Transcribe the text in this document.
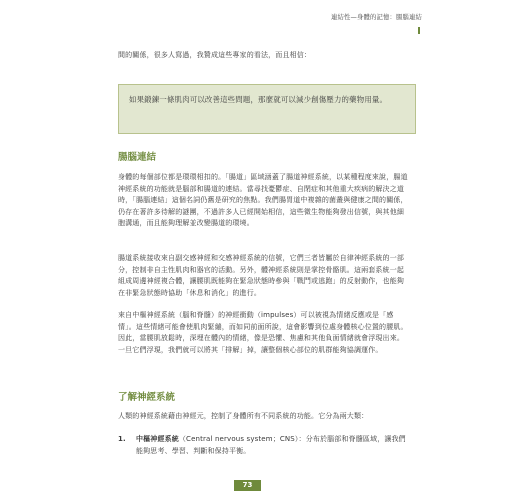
連結性—身體的記憶：腸腦連結

間的關係，很多人寫過，我贊成這些專家的看法，而且相信：

如果鍛鍊一條肌肉可以改善這些問題，那麼就可以減少創傷壓力的藥物用量。

腸腦連結

身體的每個部位都是環環相扣的。「腸道」區域涵蓋了腸道神經系統，以某種程度來說，腸道神經系統的功能就是腦部和腸道的連結。當尋找憂鬱症、自閉症和其他重大疾病的解決之道時，「腸腦連結」這個名詞仍舊是研究的焦點。我們腸胃道中複雜的菌叢與健康之間的關係，仍存在著許多待解的謎團，不過許多人已經開始相信，這些微生物能夠發出信號，與其他細胞溝通，而且能夠理解並改變腸道的環境。

腸道系統接收來自副交感神經和交感神經系統的信號，它們三者皆屬於自律神經系統的一部分，控制非自主性肌肉和器官的活動。另外，體神經系統則是掌控骨骼肌。這兩套系統一起組成周邊神經複合體，讓腰肌既能夠在緊急狀態時參與「戰鬥或逃跑」的反射動作，也能夠在非緊急狀態時協助「休息和消化」的進行。

來自中樞神經系統（腦和脊髓）的神經衝動（impulses）可以被視為情緒反應或是「感情」。這些情緒可能會使肌肉緊繃，而如同前面所說，這會影響到位處身體核心位置的腰肌。因此，當腰肌放鬆時，深埋在體內的情緒，像是恐懼、焦慮和其他負面情緒就會浮現出來。一旦它們浮現，我們就可以將其「排解」掉，讓整個核心部位的肌群能夠協調運作。

了解神經系統

人類的神經系統藉由神經元，控制了身體所有不同系統的功能。它分為兩大類：

1. 中樞神經系統（Central nervous system；CNS）：分布於腦部和脊髓區域，讓我們
能夠思考、學習、判斷和保持平衡。
73
